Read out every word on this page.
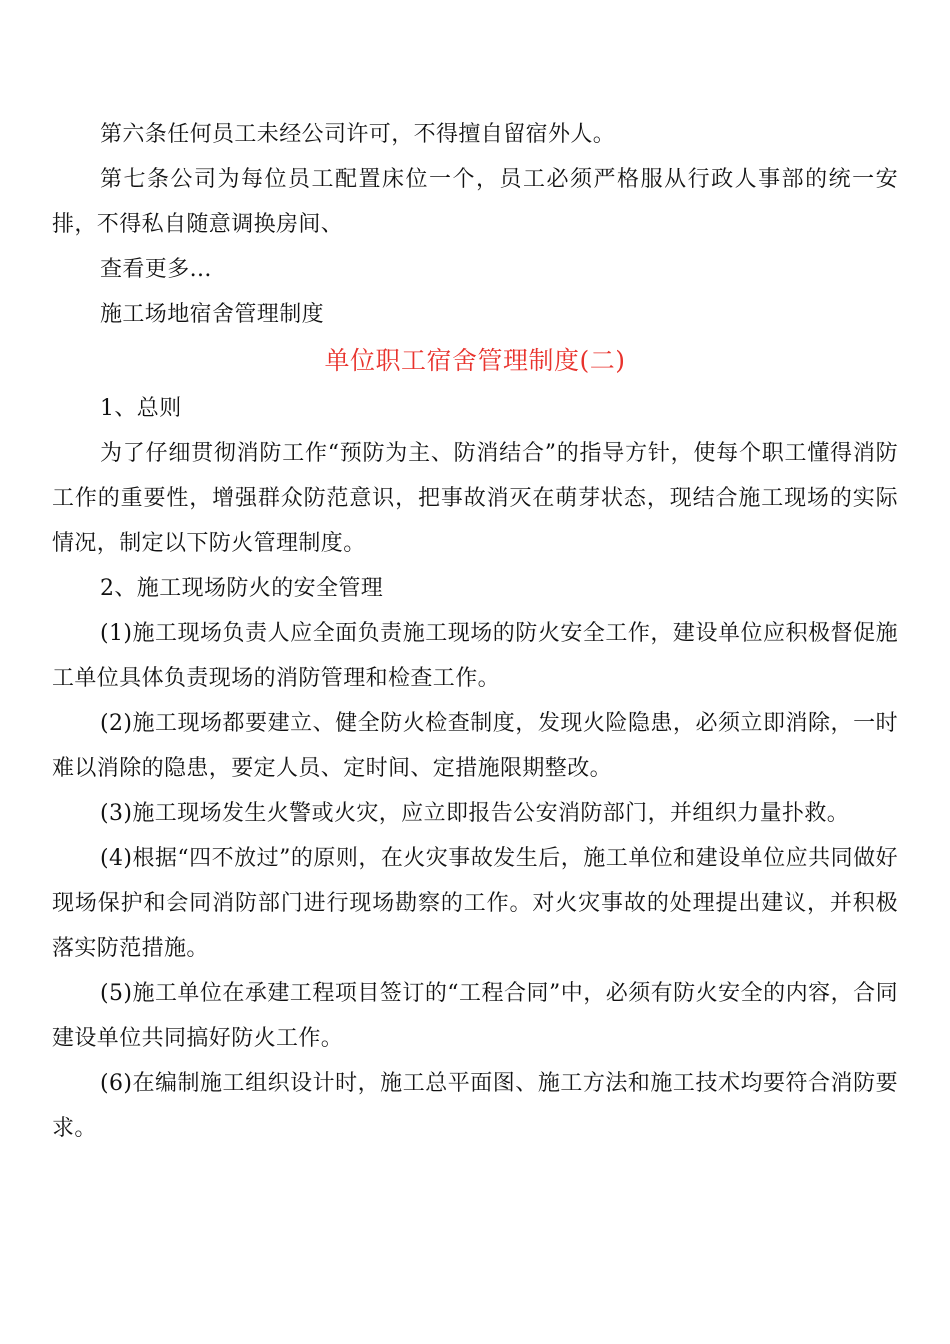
第六条任何员工未经公司许可，不得擅自留宿外人。

第七条公司为每位员工配置床位一个，员工必须严格服从行政人事部的统一安排，不得私自随意调换房间、

查看更多...

施工场地宿舍管理制度

单位职工宿舍管理制度(二)

1、总则

为了仔细贯彻消防工作“预防为主、防消结合”的指导方针，使每个职工懂得消防工作的重要性，增强群众防范意识，把事故消灭在萌芽状态，现结合施工现场的实际情况，制定以下防火管理制度。

2、施工现场防火的安全管理

(1)施工现场负责人应全面负责施工现场的防火安全工作，建设单位应积极督促施工单位具体负责现场的消防管理和检查工作。

(2)施工现场都要建立、健全防火检查制度，发现火险隐患，必须立即消除，一时难以消除的隐患，要定人员、定时间、定措施限期整改。

(3)施工现场发生火警或火灾，应立即报告公安消防部门，并组织力量扑救。

(4)根据“四不放过”的原则，在火灾事故发生后，施工单位和建设单位应共同做好现场保护和会同消防部门进行现场勘察的工作。对火灾事故的处理提出建议，并积极落实防范措施。

(5)施工单位在承建工程项目签订的“工程合同”中，必须有防火安全的内容，合同建设单位共同搞好防火工作。

(6)在编制施工组织设计时，施工总平面图、施工方法和施工技术均要符合消防要求。
